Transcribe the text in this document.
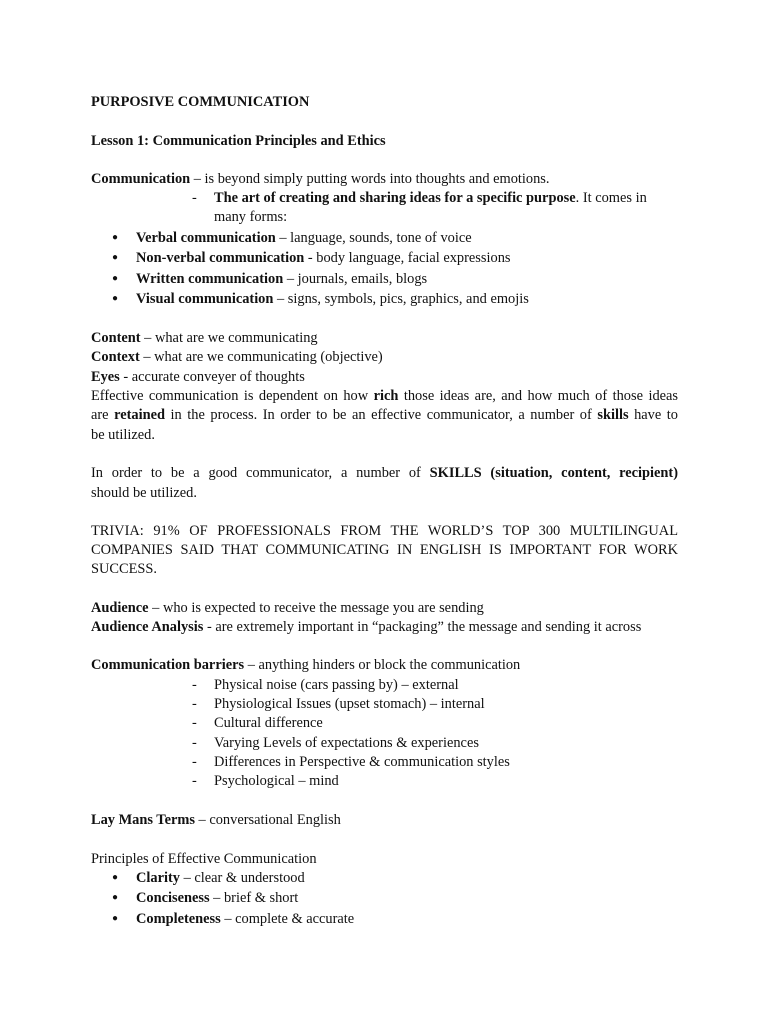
PURPOSIVE COMMUNICATION
Lesson 1: Communication Principles and Ethics
Communication – is beyond simply putting words into thoughts and emotions.
- The art of creating and sharing ideas for a specific purpose. It comes in
many forms:
● Verbal communication – language, sounds, tone of voice
● Non-verbal communication - body language, facial expressions
● Written communication – journals, emails, blogs
● Visual communication – signs, symbols, pics, graphics, and emojis
Content – what are we communicating
Context – what are we communicating (objective)
Eyes - accurate conveyer of thoughts
Effective communication is dependent on how rich those ideas are, and how much of those ideas
are retained in the process. In order to be an effective communicator, a number of skills have to
be utilized.
In order to be a good communicator, a number of SKILLS (situation, content, recipient)
should be utilized.
TRIVIA: 91% OF PROFESSIONALS FROM THE WORLD’S TOP 300 MULTILINGUAL
COMPANIES SAID THAT COMMUNICATING IN ENGLISH IS IMPORTANT FOR WORK
SUCCESS.
Audience – who is expected to receive the message you are sending
Audience Analysis - are extremely important in “packaging” the message and sending it across
Communication barriers – anything hinders or block the communication
- Physical noise (cars passing by) – external
- Physiological Issues (upset stomach) – internal
- Cultural difference
- Varying Levels of expectations & experiences
- Differences in Perspective & communication styles
- Psychological – mind
Lay Mans Terms – conversational English
Principles of Effective Communication
● Clarity – clear & understood
● Conciseness – brief & short
● Completeness – complete & accurate
